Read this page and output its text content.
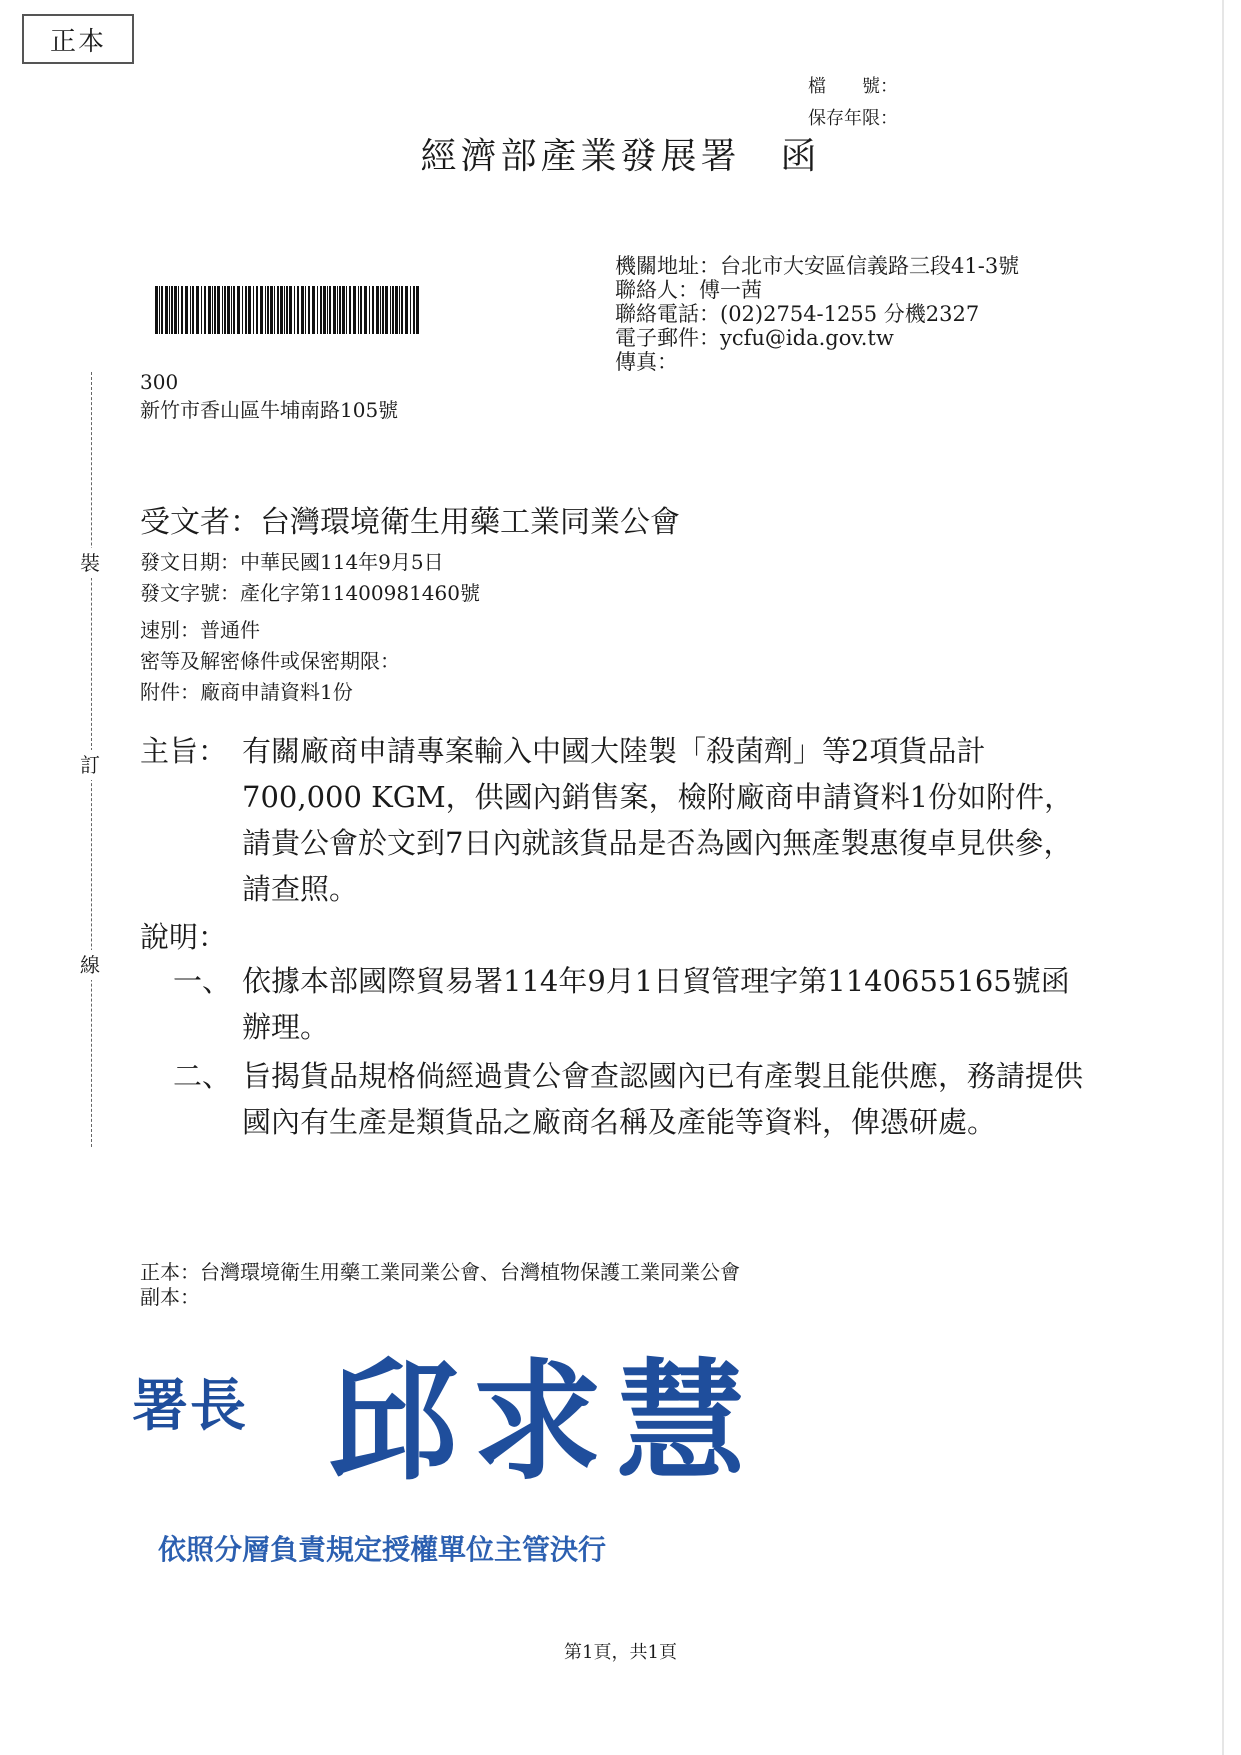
正本
檔　　號：
保存年限：
經濟部產業發展署 函
機關地址：台北市大安區信義路三段41-3號
聯絡人：傅一茜
聯絡電話：(02)2754-1255 分機2327
電子郵件：ycfu@ida.gov.tw
傳真：
300
新竹市香山區牛埔南路105號
裝
訂
線
受文者：台灣環境衛生用藥工業同業公會
發文日期：中華民國114年9月5日
發文字號：產化字第11400981460號
速別：普通件
密等及解密條件或保密期限：
附件：廠商申請資料1份
主旨： 有關廠商申請專案輸入中國大陸製「殺菌劑」等2項貨品計700,000 KGM，供國內銷售案，檢附廠商申請資料1份如附件，請貴公會於文到7日內就該貨品是否為國內無產製惠復卓見供參，請查照。
說明：
一、 依據本部國際貿易署114年9月1日貿管理字第1140655165號函辦理。
二、 旨揭貨品規格倘經過貴公會查認國內已有產製且能供應，務請提供國內有生產是類貨品之廠商名稱及產能等資料，俾憑研處。
正本：台灣環境衛生用藥工業同業公會、台灣植物保護工業同業公會
副本：
署長 邱求慧
依照分層負責規定授權單位主管決行
第1頁，共1頁
